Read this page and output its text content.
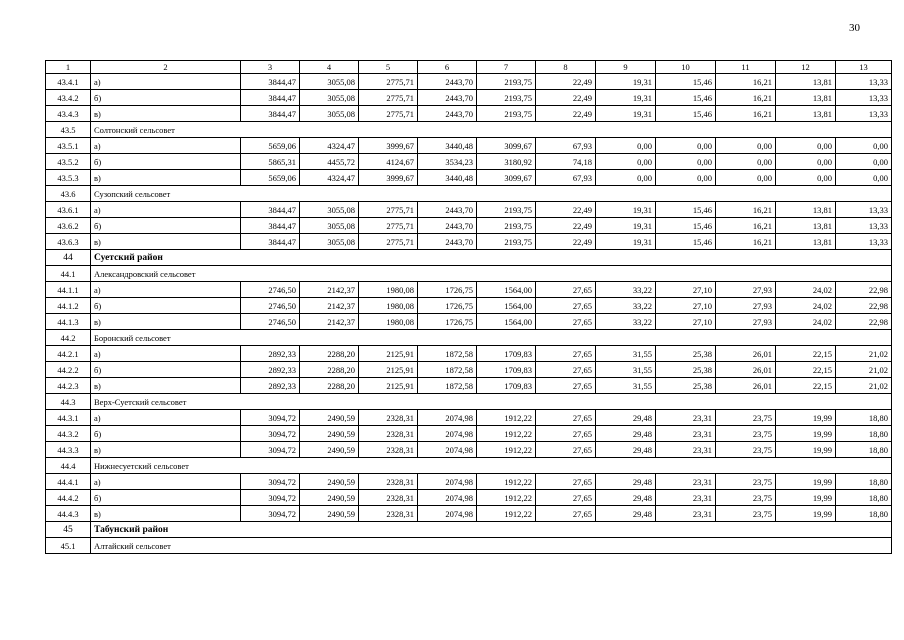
30
1	2	3	4	5	6	7	8	9	10	11	12	13
43.4.1	а)	3844,47	3055,08	2775,71	2443,70	2193,75	22,49	19,31	15,46	16,21	13,81	13,33
43.4.2	б)	3844,47	3055,08	2775,71	2443,70	2193,75	22,49	19,31	15,46	16,21	13,81	13,33
43.4.3	в)	3844,47	3055,08	2775,71	2443,70	2193,75	22,49	19,31	15,46	16,21	13,81	13,33
43.5	Солтонский сельсовет											
43.5.1	а)	5659,06	4324,47	3999,67	3440,48	3099,67	67,93	0,00	0,00	0,00	0,00	0,00
43.5.2	б)	5865,31	4455,72	4124,67	3534,23	3180,92	74,18	0,00	0,00	0,00	0,00	0,00
43.5.3	в)	5659,06	4324,47	3999,67	3440,48	3099,67	67,93	0,00	0,00	0,00	0,00	0,00
43.6	Сузопский сельсовет											
43.6.1	а)	3844,47	3055,08	2775,71	2443,70	2193,75	22,49	19,31	15,46	16,21	13,81	13,33
43.6.2	б)	3844,47	3055,08	2775,71	2443,70	2193,75	22,49	19,31	15,46	16,21	13,81	13,33
43.6.3	в)	3844,47	3055,08	2775,71	2443,70	2193,75	22,49	19,31	15,46	16,21	13,81	13,33
44	Суетский район											
44.1	Александровский сельсовет											
44.1.1	а)	2746,50	2142,37	1980,08	1726,75	1564,00	27,65	33,22	27,10	27,93	24,02	22,98
44.1.2	б)	2746,50	2142,37	1980,08	1726,75	1564,00	27,65	33,22	27,10	27,93	24,02	22,98
44.1.3	в)	2746,50	2142,37	1980,08	1726,75	1564,00	27,65	33,22	27,10	27,93	24,02	22,98
44.2	Боронский сельсовет											
44.2.1	а)	2892,33	2288,20	2125,91	1872,58	1709,83	27,65	31,55	25,38	26,01	22,15	21,02
44.2.2	б)	2892,33	2288,20	2125,91	1872,58	1709,83	27,65	31,55	25,38	26,01	22,15	21,02
44.2.3	в)	2892,33	2288,20	2125,91	1872,58	1709,83	27,65	31,55	25,38	26,01	22,15	21,02
44.3	Верх-Суетский сельсовет											
44.3.1	а)	3094,72	2490,59	2328,31	2074,98	1912,22	27,65	29,48	23,31	23,75	19,99	18,80
44.3.2	б)	3094,72	2490,59	2328,31	2074,98	1912,22	27,65	29,48	23,31	23,75	19,99	18,80
44.3.3	в)	3094,72	2490,59	2328,31	2074,98	1912,22	27,65	29,48	23,31	23,75	19,99	18,80
44.4	Нижнесуетский сельсовет											
44.4.1	а)	3094,72	2490,59	2328,31	2074,98	1912,22	27,65	29,48	23,31	23,75	19,99	18,80
44.4.2	б)	3094,72	2490,59	2328,31	2074,98	1912,22	27,65	29,48	23,31	23,75	19,99	18,80
44.4.3	в)	3094,72	2490,59	2328,31	2074,98	1912,22	27,65	29,48	23,31	23,75	19,99	18,80
45	Табунский район											
45.1	Алтайский сельсовет											
